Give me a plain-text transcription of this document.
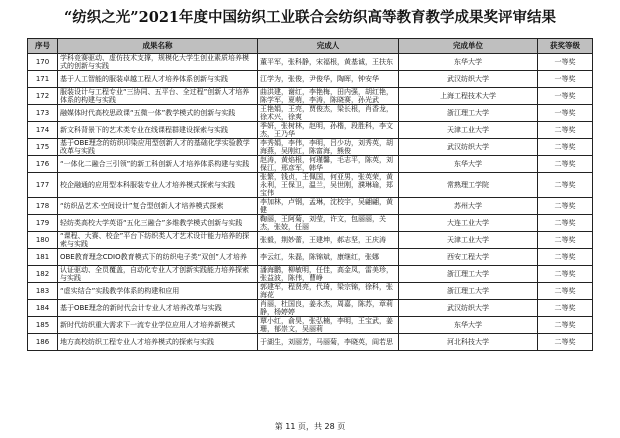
“纺织之光”2021年度中国纺织工业联合会纺织高等教育教学成果奖评审结果
序号	成果名称	完成人	完成单位	获奖等级
170	学科竞赛驱动、虚仿技术支撑，规模化大学生创业素质培养模式的创新与实践	董平军，张科静，宋福根，黄基诚，王扶东	东华大学	一等奖
171	基于人工智能的服装卓越工程人才培养体系创新与实践	江学为，张俊，尹俊华，陶晖，钟安华	武汉纺织大学	一等奖
172	服装设计与工程专业“三协同、五平台、全过程”创新人才培养体系的构建与实践	曲洪建，谢红，李艳梅，田内强，胡红艳，陈学军，夏萌，李涛，陈晓赛，孙光武	上海工程技术大学	一等奖
173	融媒体时代高校思政课“五微一体”教学模式的创新与实践	王艳娟，王亮，贾俊杰，梁长根，肖香龙，徐术兴，徐爽	浙江理工大学	一等奖
174	新文科背景下的艺术类专业在线课程群建设探索与实践	季妍，张树林，赵明，孙楷，段胜科，李文杰，王乃华	天津工业大学	二等奖
175	基于OBE理念的纺织印染应用型创新人才的基础化学实验教学改革与实践	李秀娟，李伟，李明，吕少功，刘秀英，胡海燕，吴刚红，陈富海，熊俊	武汉纺织大学	二等奖
176	“一体化二融合三引领”的新工科创新人才培养体系构建与实践	赵涛，黄焰根，何瑾馨，毛志平，陈英，刘保江，邢彦军，韩华	东华大学	二等奖
177	校企融通的应用型本科服装专业人才培养模式探索与实践	张繁，钱贞，王佩国，何亚男，张英荣，黄永利，王保卫，温兰，吴世刚，濮琳瑜，郑宝伟	常熟理工学院	二等奖
178	“纺织品艺术·空间设计”复合型创新人才培养模式探索	李加林，卢钢，孟琳，沈校宇，吴翩翩，黄健	苏州大学	二等奖
179	轻纺类高校大学英语“五化三融合”多维教学模式创新与实践	鞠丽，王阿菊，刘莹，许文，包丽丽，关杰，张姣，任丽	大连工业大学	二等奖
180	“课程、大赛、校企”平台下纺织类人才艺术设计能力培养的探索与实践	张毅，荆妙蕾，王建坤，郝志坚，王庆涛	天津工业大学	二等奖
181	OBE教育理念CDIO教育模式下的纺织电子类“双创”人才培养	李云红，朱磊，陈锦斌，康继红，张娜	西安工程大学	二等奖
182	认证驱动、全员覆盖，自动化专业人才创新实践能力培养探索与实践	潘海鹏，柳敏明，任佳，高金凤，雷美珍，张益波，陈伟，曹峥	浙江理工大学	二等奖
183	“虚实结合”实践教学体系的构建和应用	郭建军，程贤亮，代琦，梁宗锦，徐科，张海花	浙江理工大学	二等奖
184	基于OBE理念的新时代会计专业人才培养改革与实践	肖丽，杜国良，姜永杰，周嘉，陈苏，章莉静，杨婷婷	武汉纺织大学	二等奖
185	新时代纺织重大需求下一流专业学位应用人才培养新模式	覃小红，俞昊，张弘楠，李明，王宝武，姜珊，郁崇文，吴丽莉	东华大学	二等奖
186	地方高校纺织工程专业人才培养模式的探索与实践	于湖生，刘丽芳，马丽菊，李晓英，阎若思	河北科技大学	二等奖
第 11 页，共 28 页
